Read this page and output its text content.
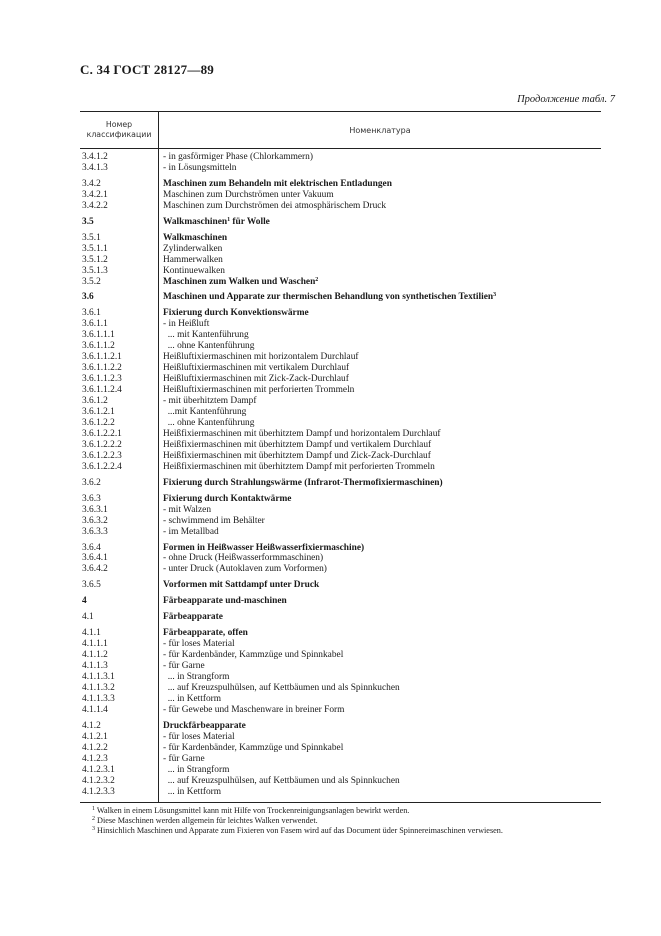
С. 34 ГОСТ 28127—89
Продолжение табл. 7
Номер классификации	Номенклатура
3.4.1.2	- in gasförmiger Phase (Chlorkammern)
3.4.1.3	- in Lösungsmitteln
3.4.2	Maschinen zum Behandeln mit elektrischen Entladungen
3.4.2.1	Maschinen zum Durchströmen unter Vakuum
3.4.2.2	Maschinen zum Durchströmen dei atmosphärischem Druck
3.5	Walkmaschinen$^1$ für Wolle
3.5.1	Walkmaschinen
3.5.1.1	Zylinderwalken
3.5.1.2	Hammerwalken
3.5.1.3	Kontinuewalken
3.5.2	Maschinen zum Walken und Waschen$^2$
3.6	Maschinen und Apparate zur thermischen Behandlung von synthetischen Textilien$^3$
3.6.1	Fixierung durch Konvektionswärme
3.6.1.1	- in Heißluft
3.6.1.1.1	... mit Kantenführung
3.6.1.1.2	... ohne Kantenführung
3.6.1.1.2.1	Heißluftixiermaschinen mit horizontalem Durchlauf
3.6.1.1.2.2	Heißluftixiermaschinen mit vertikalem Durchlauf
3.6.1.1.2.3	Heißluftixiermaschinen mit Zick-Zack-Durchlauf
3.6.1.1.2.4	Heißluftixiermaschinen mit perforierten Trommeln
3.6.1.2	- mit überhitztem Dampf
3.6.1.2.1	...mit Kantenführung
3.6.1.2.2	... ohne Kantenführung
3.6.1.2.2.1	Heißfixiermaschinen mit überhitztem Dampf und horizontalem Durchlauf
3.6.1.2.2.2	Heißfixiermaschinen mit überhitztem Dampf und vertikalem Durchlauf
3.6.1.2.2.3	Heißfixiermaschinen mit überhitztem Dampf und Zick-Zack-Durchlauf
3.6.1.2.2.4	Heißfixiermaschinen mit überhitztem Dampf mit perforierten Trommeln
3.6.2	Fixierung durch Strahlungswärme (Infrarot-Thermofixiermaschinen)
3.6.3	Fixierung durch Kontaktwärme
3.6.3.1	- mit Walzen
3.6.3.2	- schwimmend im Behälter
3.6.3.3	- im Metallbad
3.6.4	Formen in Heißwasser Heißwasserfixiermaschine)
3.6.4.1	- ohne Druck (Heißwasserformmaschinen)
3.6.4.2	- unter Druck (Autoklaven zum Vorformen)
3.6.5	Vorformen mit Sattdampf unter Druck
4	Färbeapparate und-maschinen
4.1	Färbeapparate
4.1.1	Färbeapparate, offen
4.1.1.1	- für loses Material
4.1.1.2	- für Kardenbänder, Kammzüge und Spinnkabel
4.1.1.3	- für Garne
4.1.1.3.1	... in Strangform
4.1.1.3.2	... auf Kreuzspulhülsen, auf Kettbäumen und als Spinnkuchen
4.1.1.3.3	... in Kettform
4.1.1.4	- für Gewebe und Maschenware in breiner Form
4.1.2	Druckfärbeapparate
4.1.2.1	- für loses Material
4.1.2.2	- für Kardenbänder, Kammzüge und Spinnkabel
4.1.2.3	- für Garne
4.1.2.3.1	... in Strangform
4.1.2.3.2	... auf Kreuzspulhülsen, auf Kettbäumen und als Spinnkuchen
4.1.2.3.3	... in Kettform
$^1$ Walken in einem Lösungsmittel kann mit Hilfe von Trockenreinigungsanlagen bewirkt werden.
$^2$ Diese Maschinen werden allgemein für leichtes Walken verwendet.
$^3$ Hinsichlich Maschinen und Apparate zum Fixieren von Fasem wird auf das Document üder Spinnereimaschinen verwiesen.
